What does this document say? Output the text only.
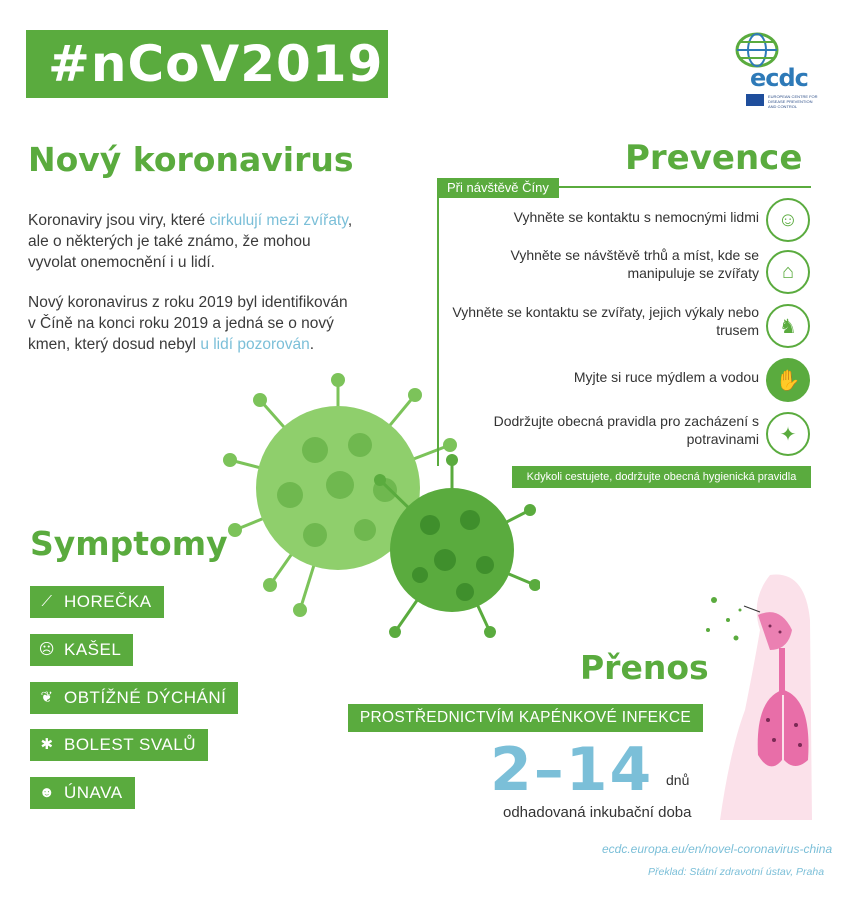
#nCoV2019	ecdc
EUROPEAN CENTRE FOR DISEASE PREVENTION AND CONTROL
Nový koronavirus

Koronaviry jsou viry, které cirkulují mezi zvířaty, ale o některých je také známo, že mohou vyvolat onemocnění i u lidí.

Nový koronavirus z roku 2019 byl identifikován v Číně na konci roku 2019 a jedná se o nový kmen, který dosud nebyl u lidí pozorován.

Prevence
Při návštěvě Číny
Vyhněte se kontaktu s nemocnými lidmi ☺
Vyhněte se návštěvě trhů a míst, kde se manipuluje se zvířaty	⌂
Vyhněte se kontaktu se zvířaty, jejich výkaly nebo trusem	♞
Myjte si ruce mýdlem a vodou ✋
Dodržujte obecná pravidla pro zacházení s potravinami	✦
Kdykoli cestujete, dodržujte obecná hygienická pravidla
Symptomy
⟋ HOREČKA
☹ KAŠEL
❦ OBTÍŽNÉ DÝCHÁNÍ
✱ BOLEST SVALŮ
☻ ÚNAVA
Přenos
PROSTŘEDNICTVÍM KAPÉNKOVÉ INFEKCE
2–14 dnů
odhadovaná inkubační doba
ecdc.europa.eu/en/novel-coronavirus-china
Překlad: Státní zdravotní ústav, Praha
